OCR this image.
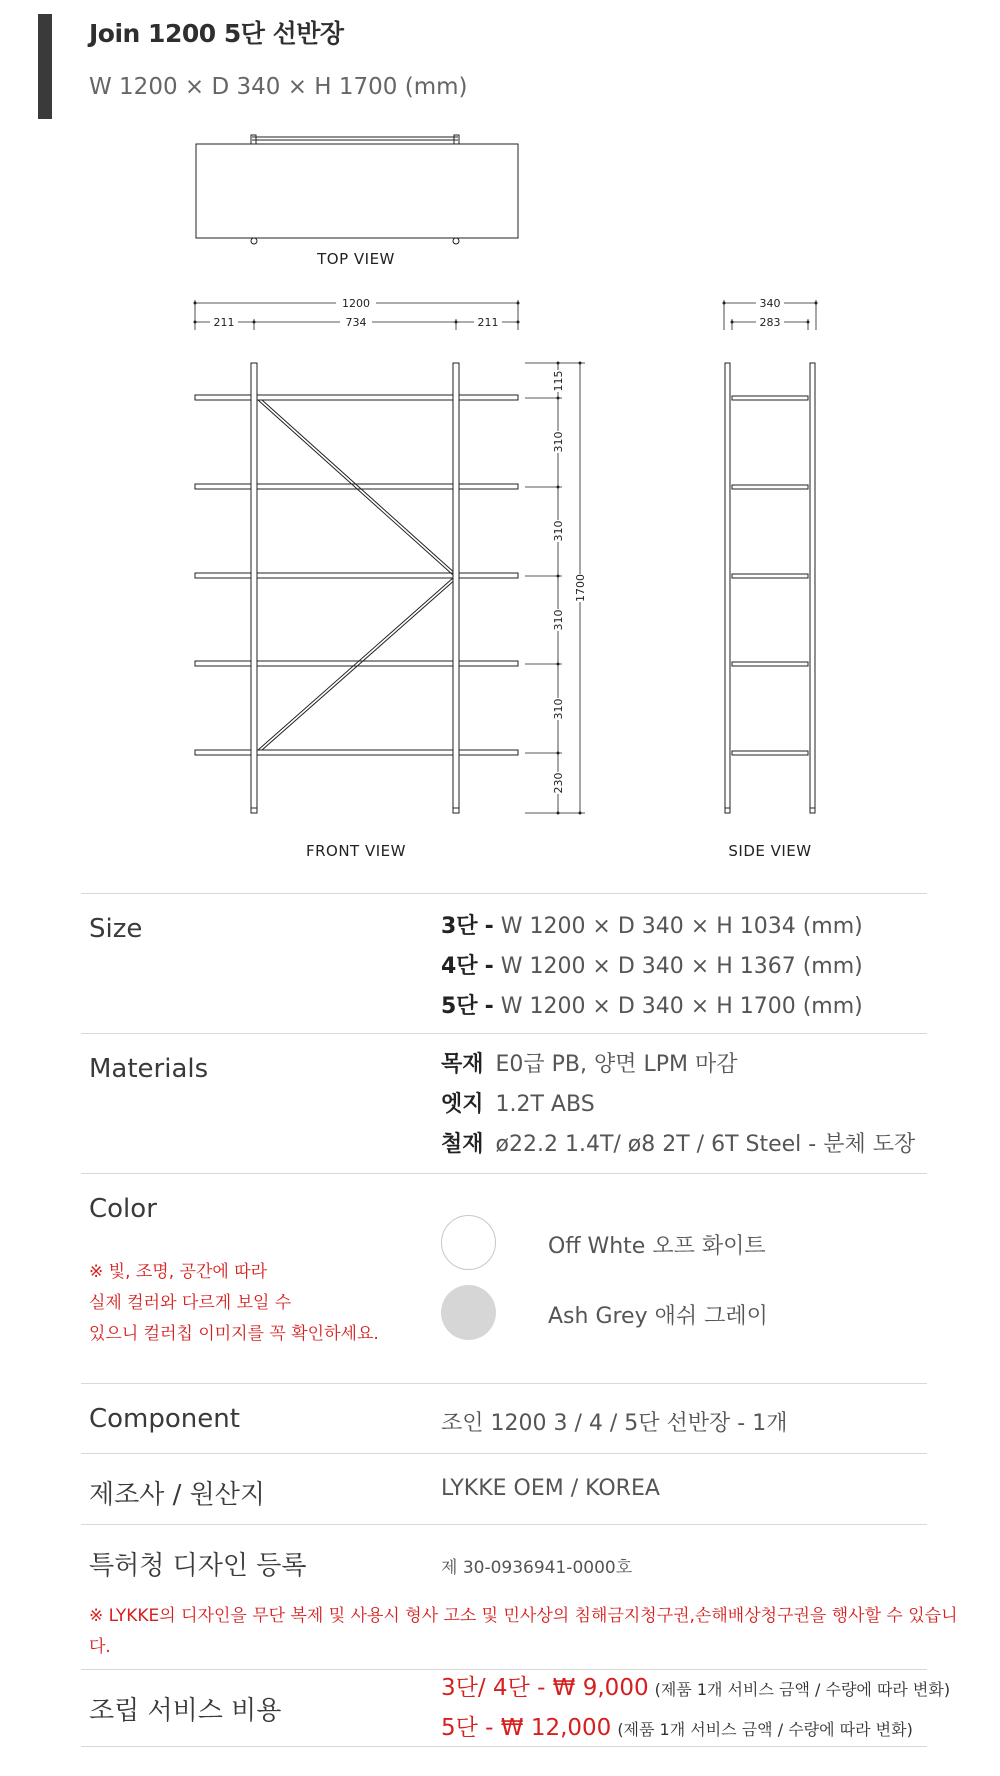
Join 1200 5단 선반장
W 1200 × D 340 × H 1700 (mm)
TOP VIEW
1200
211	734	211
FRONT VIEW
115
310
310
310
310
230
1700
340
283
SIDE VIEW
Size	3단 - W 1200 × D 340 × H 1034 (mm)
4단 - W 1200 × D 340 × H 1367 (mm)
5단 - W 1200 × D 340 × H 1700 (mm)
Materials	목재 E0급 PB, 양면 LPM 마감
엣지 1.2T ABS
철재 ø22.2 1.4T/ ø8 2T / 6T Steel - 분체 도장
Color
※ 빛, 조명, 공간에 따라
실제 컬러와 다르게 보일 수
있으니 컬러칩 이미지를 꼭 확인하세요.
Off Whte 오프 화이트
Ash Grey 애쉬 그레이
Component	조인 1200 3 / 4 / 5단 선반장 - 1개
제조사 / 원산지	LYKKE OEM / KOREA
특허청 디자인 등록	제 30-0936941-0000호
※ LYKKE의 디자인을 무단 복제 및 사용시 형사 고소 및 민사상의 침해금지청구권,손해배상청구권을 행사할 수 있습니
다.
조립 서비스 비용
3단/ 4단 - ₩ 9,000 (제품 1개 서비스 금액 / 수량에 따라 변화)
5단 - ₩ 12,000 (제품 1개 서비스 금액 / 수량에 따라 변화)
